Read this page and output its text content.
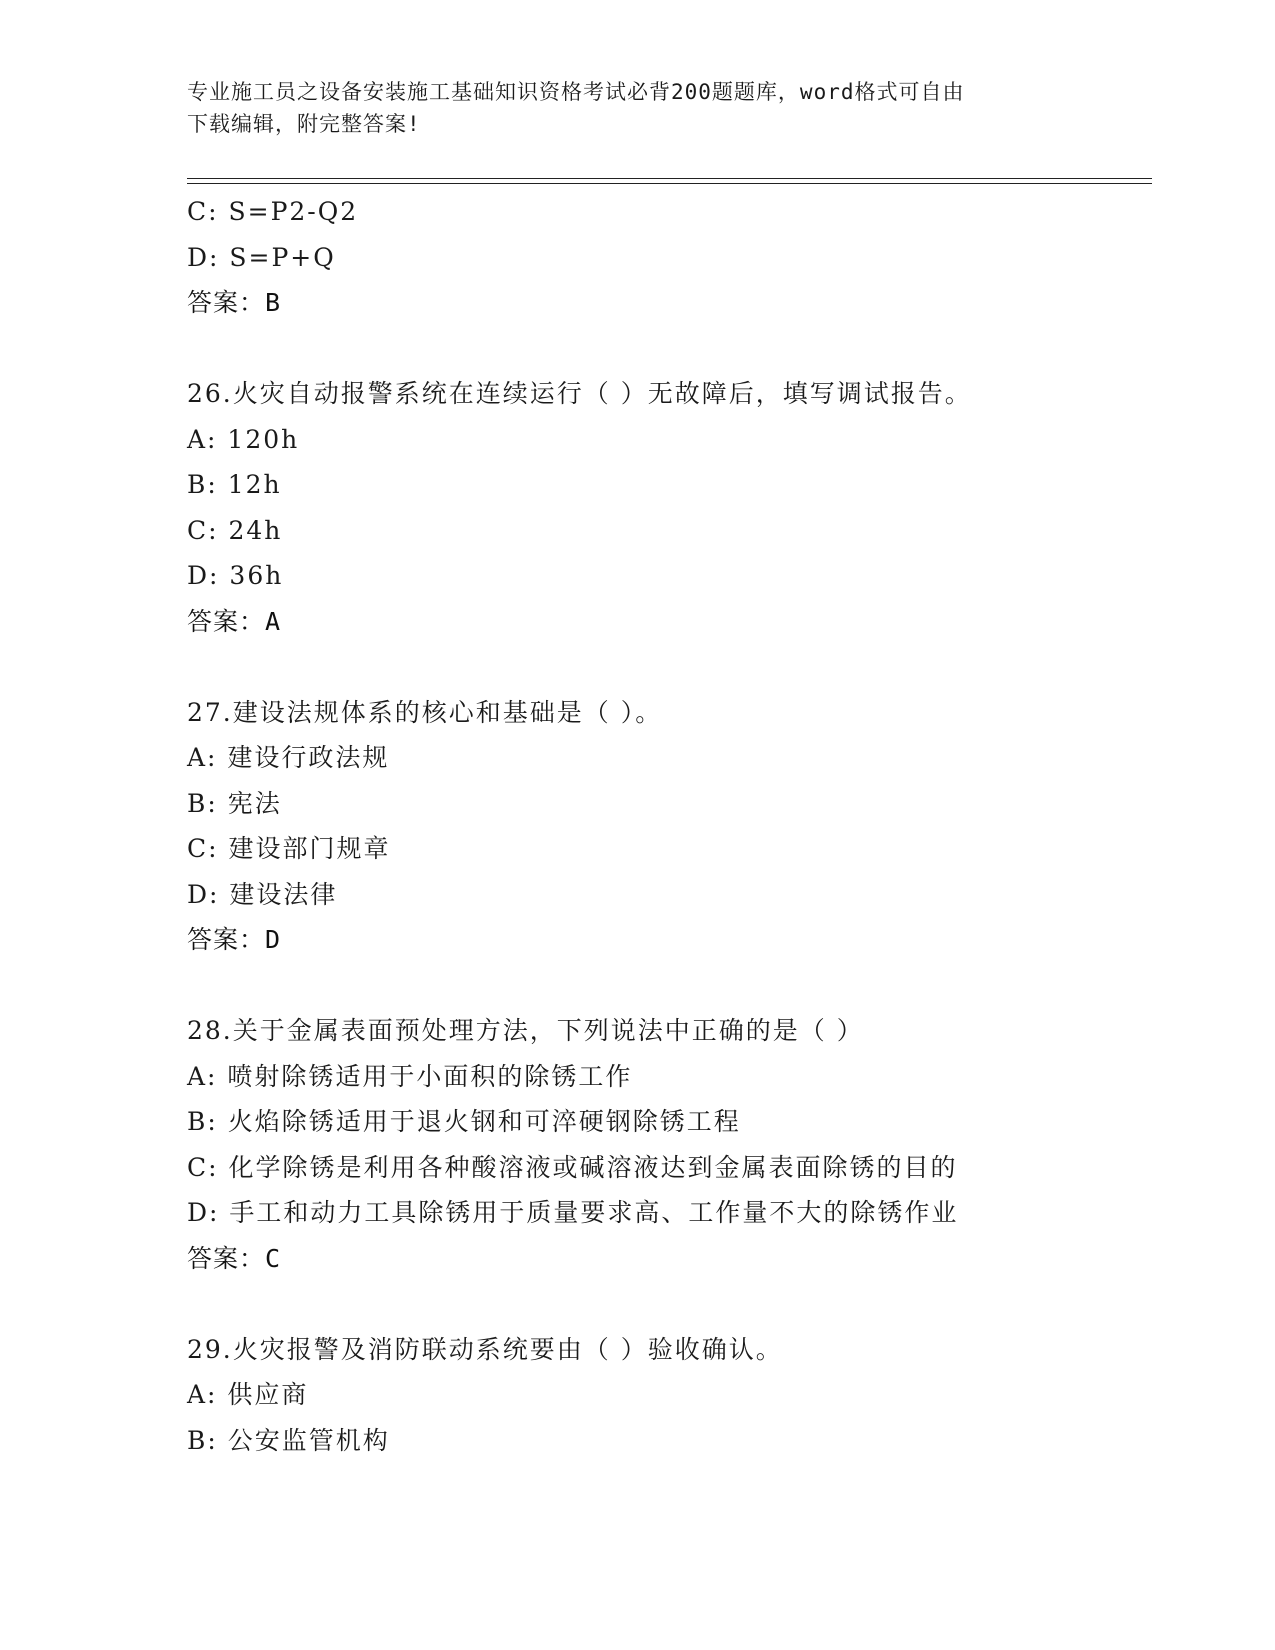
专业施工员之设备安装施工基础知识资格考试必背200题题库，word格式可自由
下载编辑，附完整答案!
C: S=P2-Q2
D: S=P+Q
答案：B
26.火灾自动报警系统在连续运行（ ）无故障后，填写调试报告。
A: 120h
B: 12h
C: 24h
D: 36h
答案：A
27.建设法规体系的核心和基础是（ ）。
A: 建设行政法规
B: 宪法
C: 建设部门规章
D: 建设法律
答案：D
28.关于金属表面预处理方法，下列说法中正确的是（ ）
A: 喷射除锈适用于小面积的除锈工作
B: 火焰除锈适用于退火钢和可淬硬钢除锈工程
C: 化学除锈是利用各种酸溶液或碱溶液达到金属表面除锈的目的
D: 手工和动力工具除锈用于质量要求高、工作量不大的除锈作业
答案：C
29.火灾报警及消防联动系统要由（ ）验收确认。
A: 供应商
B: 公安监管机构
